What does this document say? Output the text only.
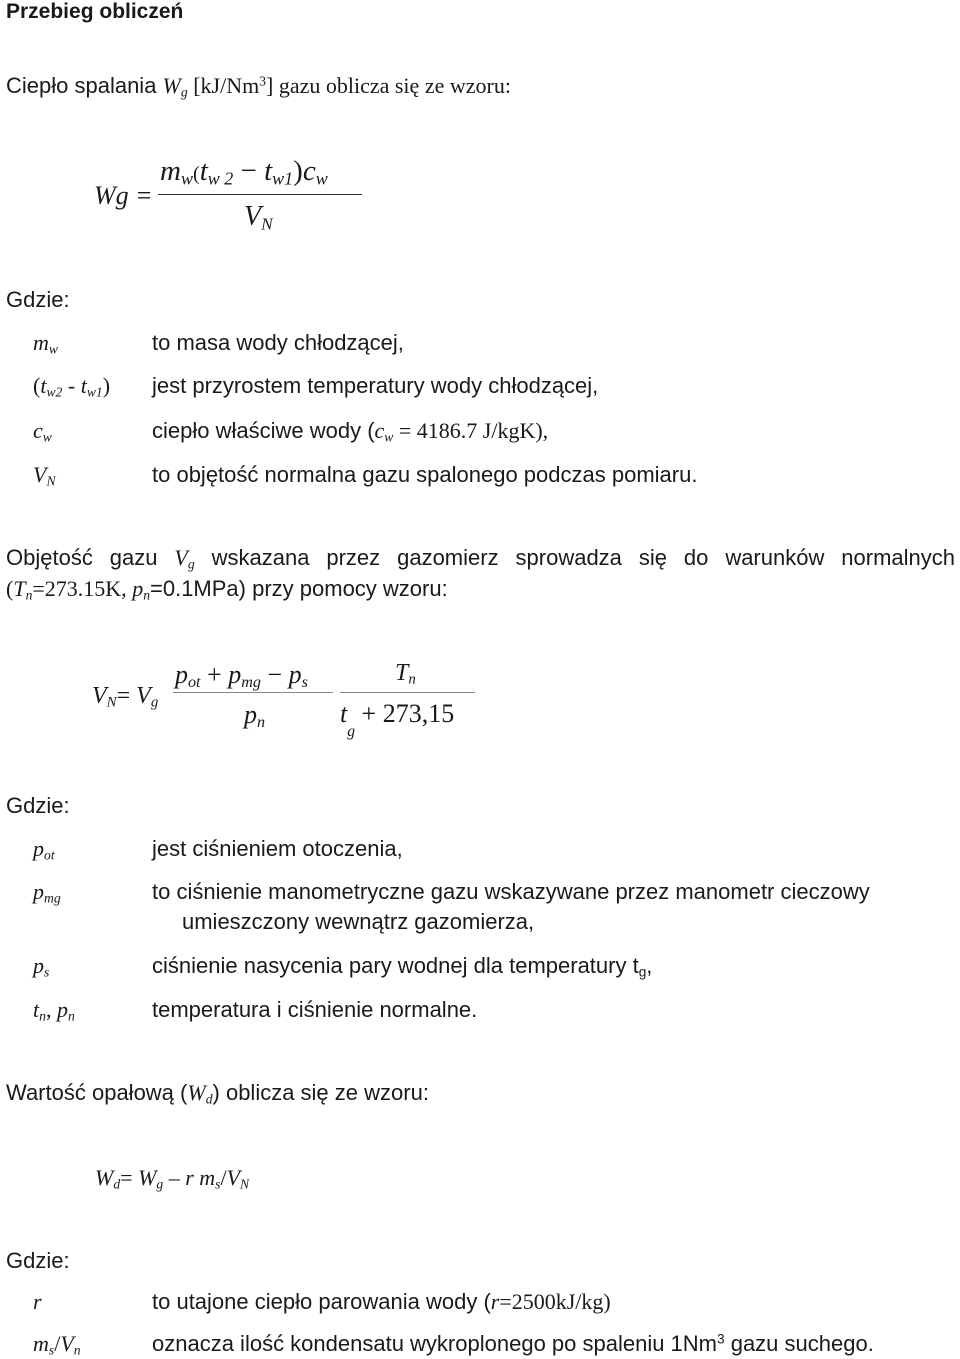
Przebieg obliczeń
Ciepło spalania $W_g$ [kJ/Nm$^3$] gazu oblicza się ze wzoru:
Wg =
$m_w(t_{w 2} - t_{w1})c_w$
$V_N$
Gdzie:
$m_w$	to masa wody chłodzącej,
$(t_{w2} - t_{w1})$ jest przyrostem temperatury wody chłodzącej,
$c_w$	ciepło właściwe wody ($c_w = 4186.7$ J/kgK),
$V_N$	to objętość normalna gazu spalonego podczas pomiaru.
Objętość gazu $V_g$ wskazana przez gazomierz sprowadza się do warunków normalnych
($T_n=273.15K$, $p_n=0.1MPa$) przy pomocy wzoru:
$V_N= V_g$
$p_{ot} + p_{mg} - p_s$
$p_n$
$T_n$
$t_g + 273,15$
Gdzie:
$p_{ot}$	jest ciśnieniem otoczenia,
$p_{mg}$	to ciśnienie manometryczne gazu wskazywane przez manometr cieczowy
umieszczony wewnątrz gazomierza,
$p_s$	ciśnienie nasycenia pary wodnej dla temperatury $t_g$,
$t_n$, $p_n$	temperatura i ciśnienie normalne.
Wartość opałową $(W_d)$ oblicza się ze wzoru:
$W_d= W_g - r$ $m_s/V_N$
Gdzie:
r	to utajone ciepło parowania wody (r=2500kJ/kg)
$m_s/V_n$	oznacza ilość kondensatu wykroplonego po spaleniu 1Nm$^3$ gazu suchego.
